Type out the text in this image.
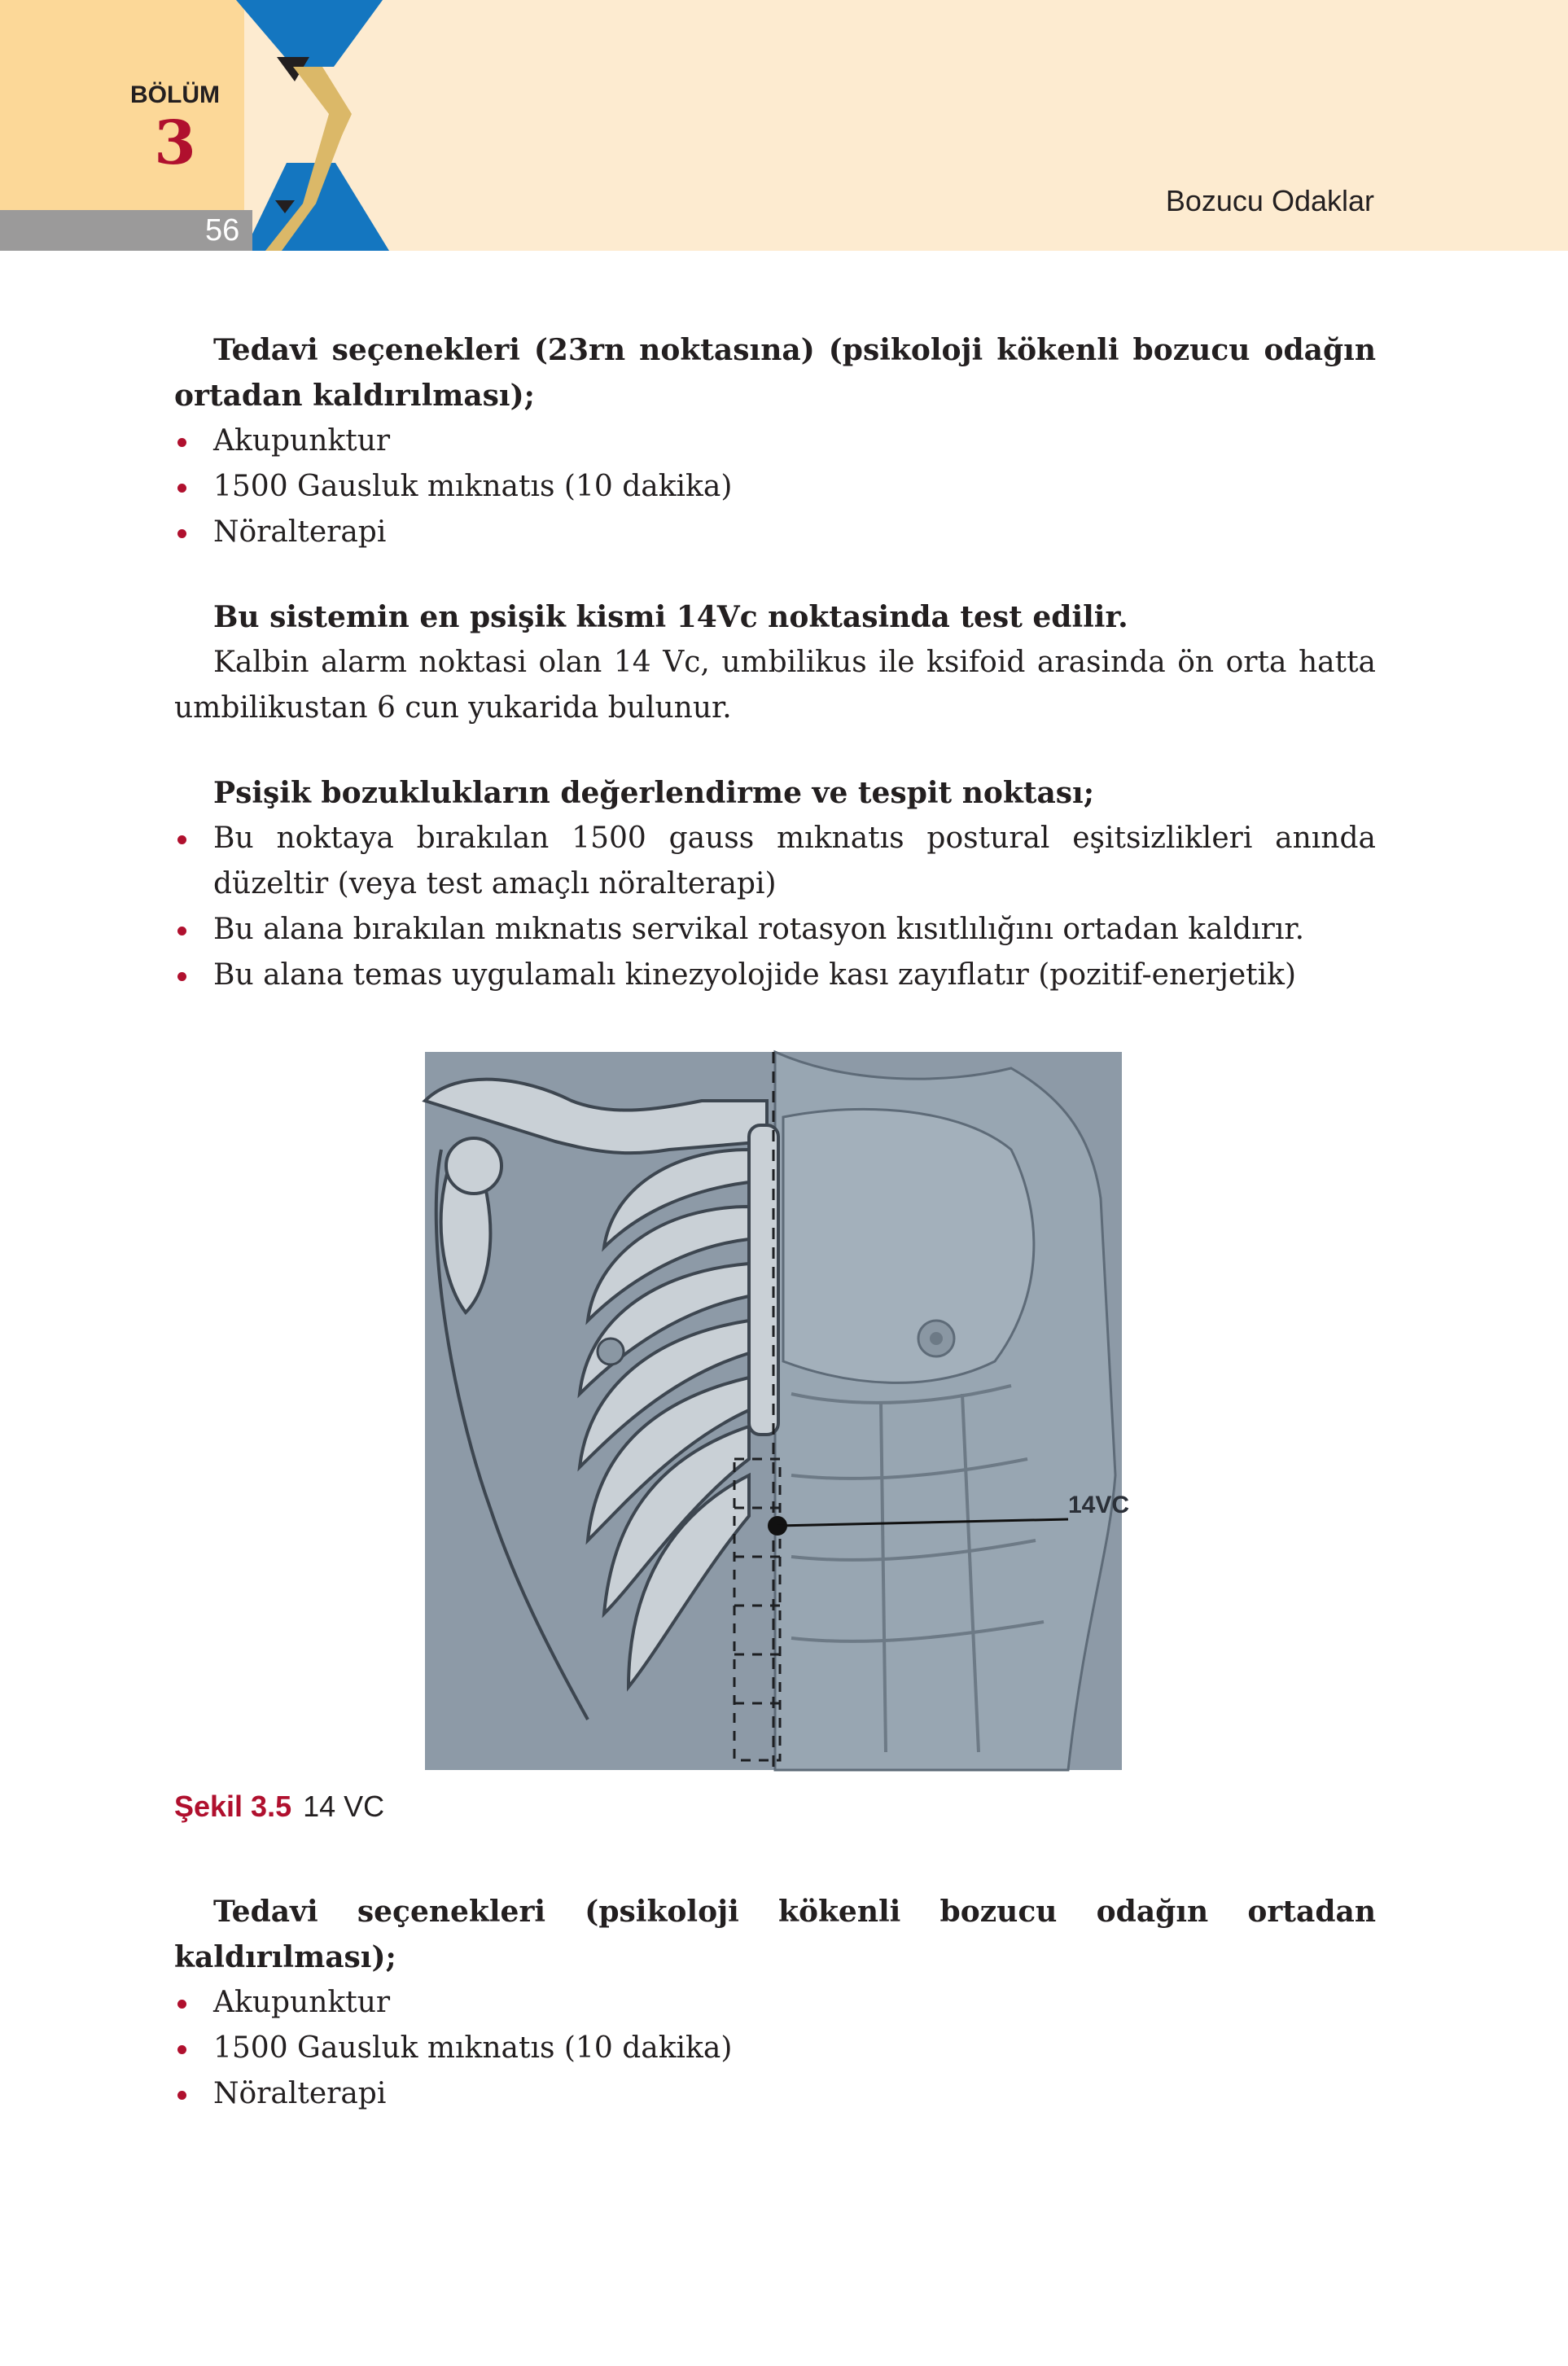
56
BÖLÜM
3
Bozucu Odaklar

Tedavi seçenekleri (23rn noktasına) (psikoloji kökenli bozucu odağın ortadan kaldırılması);

Akupunktur
1500 Gausluk mıknatıs (10 dakika)
Nöralterapi

Bu sistemin en psişik kismi 14Vc noktasinda test edilir.

Kalbin alarm noktasi olan 14 Vc, umbilikus ile ksifoid arasinda ön orta hatta umbilikustan 6 cun yukarida bulunur.

Psişik bozuklukların değerlendirme ve tespit noktası;

Bu noktaya bırakılan 1500 gauss mıknatıs postural eşitsizlikleri anında düzeltir (veya test amaçlı nöralterapi)
Bu alana bırakılan mıknatıs servikal rotasyon kısıtlılığını ortadan kaldırır.
Bu alana temas uygulamalı kinezyolojide kası zayıflatır (pozitif-enerjetik)
14VC
Şekil 3.5 14 VC

Tedavi seçenekleri (psikoloji kökenli bozucu odağın ortadan kaldırılması);

Akupunktur
1500 Gausluk mıknatıs (10 dakika)
Nöralterapi
